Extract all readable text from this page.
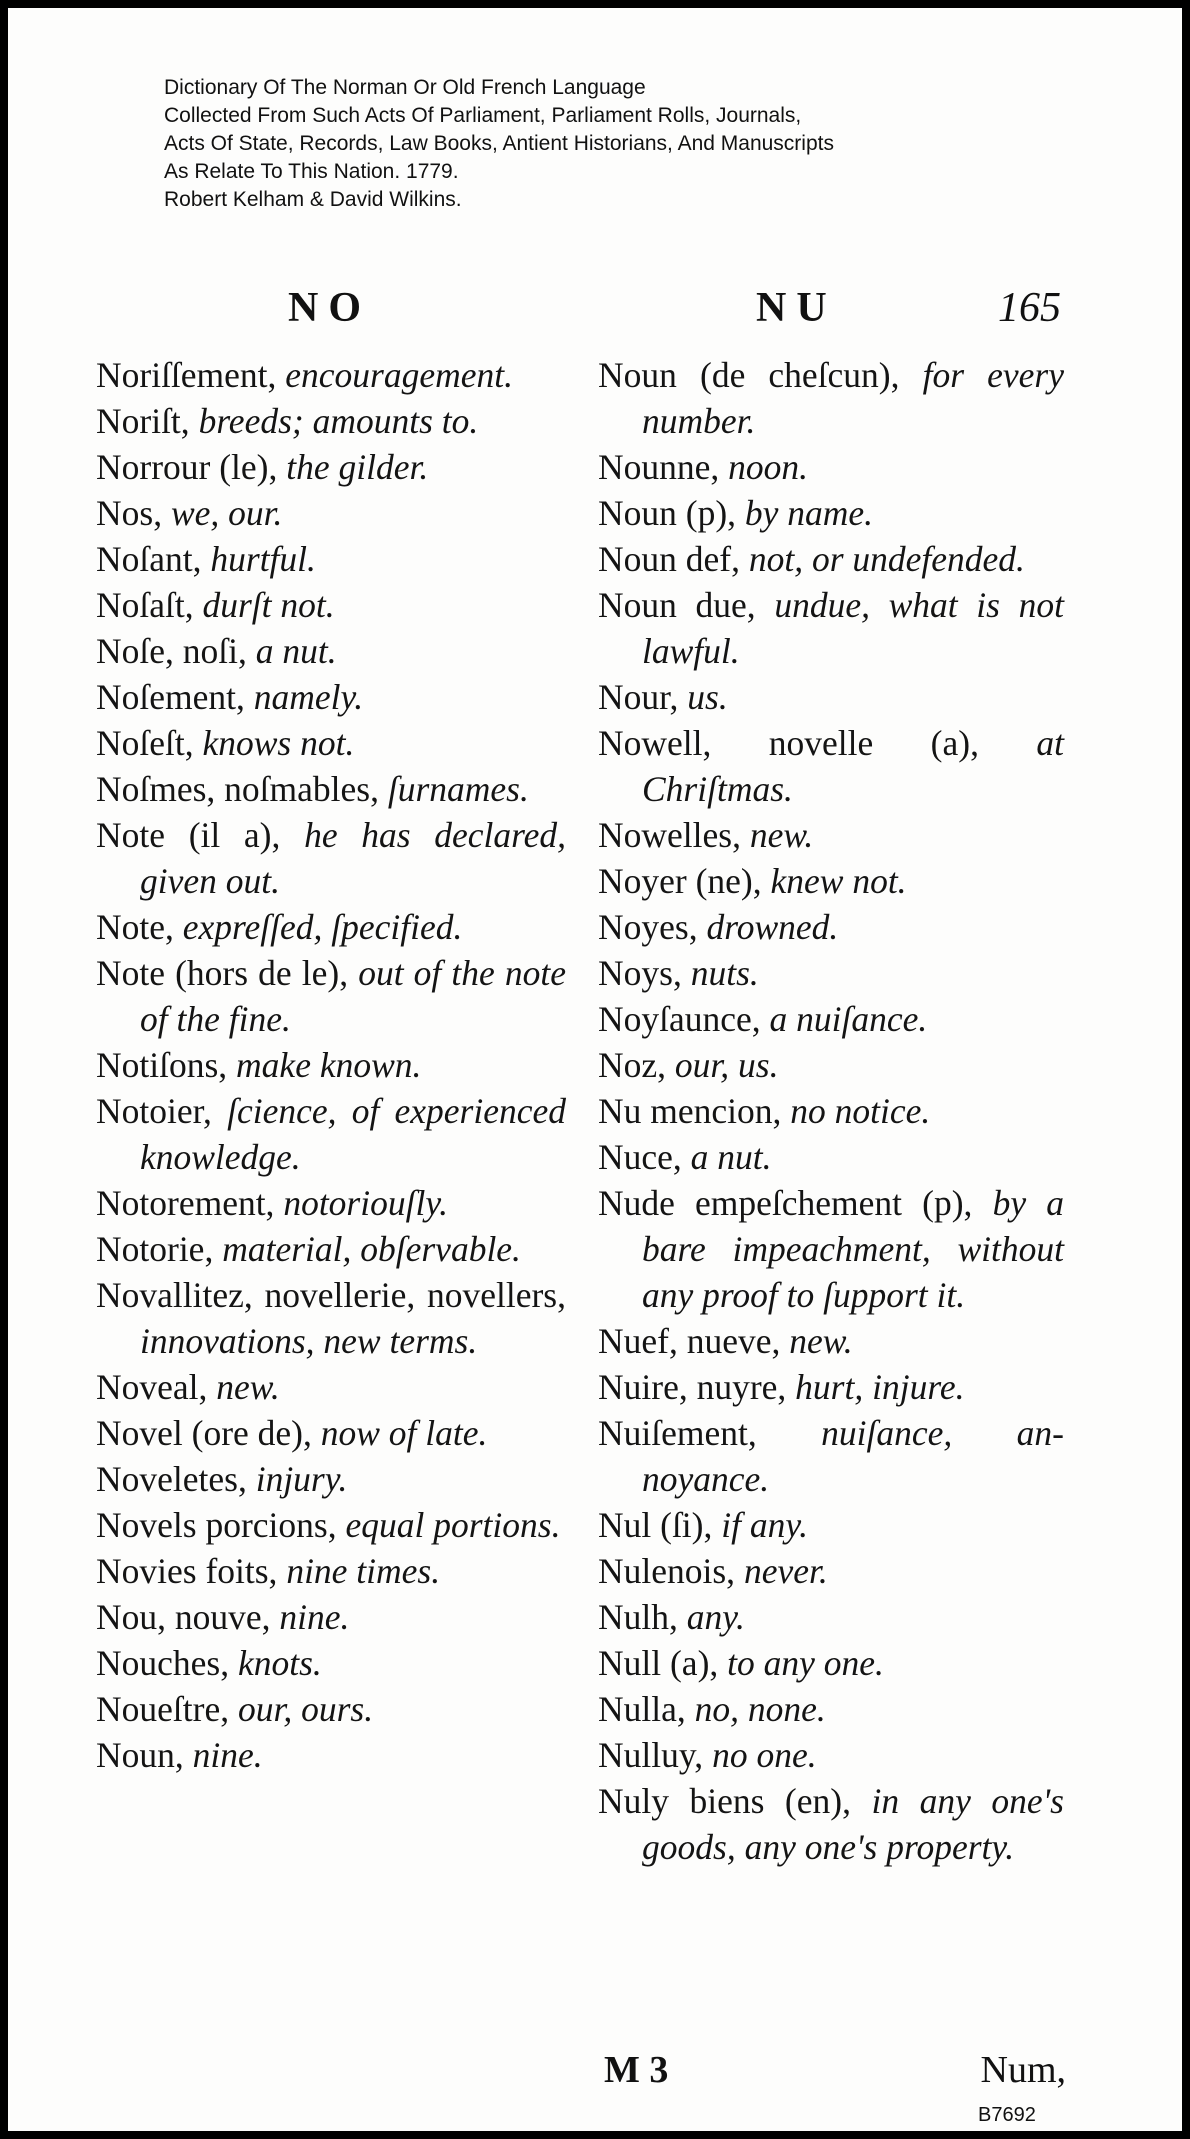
Dictionary Of The Norman Or Old French Language
Collected From Such Acts Of Parliament, Parliament Rolls, Journals,
Acts Of State, Records, Law Books, Antient Historians, And Manuscripts
As Relate To This Nation. 1779.
Robert Kelham & David Wilkins.
NO	NU	165
Noriſſement, encouragement.
Noriſt, breeds; amounts to.
Norrour (le), the gilder.
Nos, we, our.
Noſant, hurtful.
Noſaſt, durſt not.
Noſe, noſi, a nut.
Noſement, namely.
Noſeſt, knows not.
Noſmes, noſmables, ſurnames.
Note (il a), he has declared, given out.
Note, expreſſed, ſpecified.
Note (hors de le), out of the note of the fine.
Notiſons, make known.
Notoier, ſcience, of experienced knowledge.
Notorement, notoriouſly.
Notorie, material, obſervable.
Novallitez, novellerie, novellers, innovations, new terms.
Noveal, new.
Novel (ore de), now of late.
Noveletes, injury.
Novels porcions, equal portions.
Novies foits, nine times.
Nou, nouve, nine.
Nouches, knots.
Noueſtre, our, ours.
Noun, nine.
Noun (de cheſcun), for every number.
Nounne, noon.
Noun (p), by name.
Noun def, not, or undefended.
Noun due, undue, what is not lawful.
Nour, us.
Nowell, novelle (a), at Chriſtmas.
Nowelles, new.
Noyer (ne), knew not.
Noyes, drowned.
Noys, nuts.
Noyſaunce, a nuiſance.
Noz, our, us.
Nu mencion, no notice.
Nuce, a nut.
Nude empeſchement (p), by a bare impeachment, without any proof to ſupport it.
Nuef, nueve, new.
Nuire, nuyre, hurt, injure.
Nuiſement, nuiſance, annoyance.
Nul (ſi), if any.
Nulenois, never.
Nulh, any.
Null (a), to any one.
Nulla, no, none.
Nulluy, no one.
Nuly biens (en), in any one's goods, any one's property.
M 3	Num,
B7692
